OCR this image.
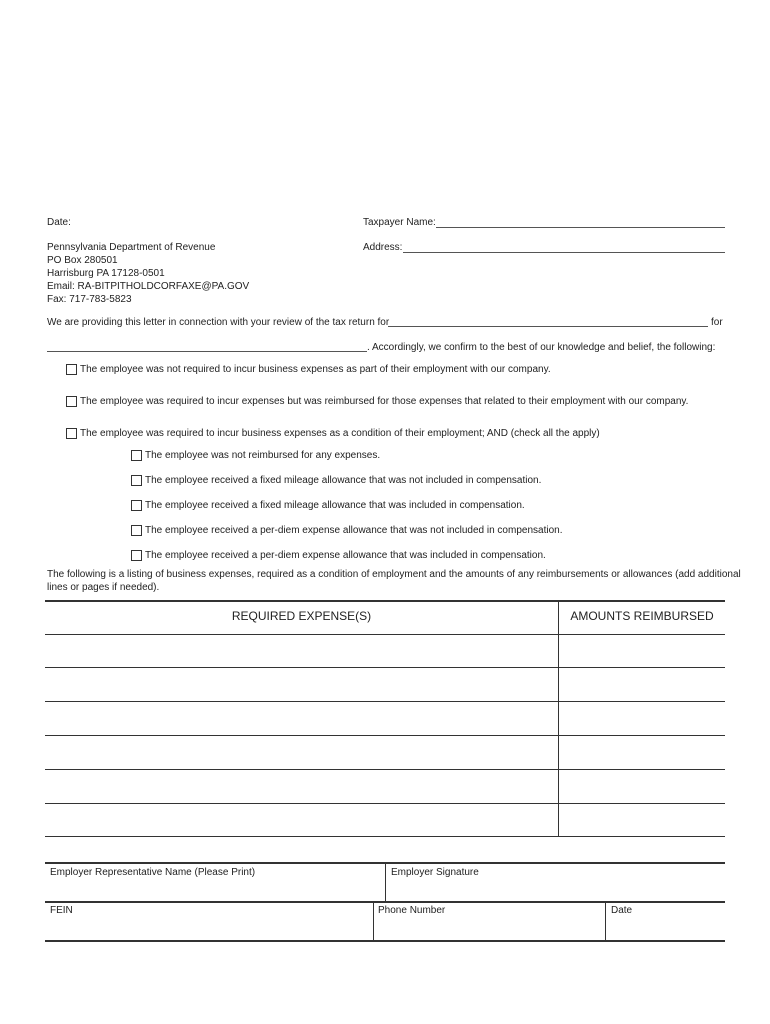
Date:	Taxpayer Name:
Address:
Pennsylvania Department of Revenue
PO Box 280501
Harrisburg PA 17128-0501
Email: RA-BITPITHOLDCORFAXE@PA.GOV
Fax: 717-783-5823
We are providing this letter in connection with your review of the tax return for	for
. Accordingly, we confirm to the best of our knowledge and belief, the following:
The employee was not required to incur business expenses as part of their employment with our company.
The employee was required to incur expenses but was reimbursed for those expenses that related to their employment with our company.
The employee was required to incur business expenses as a condition of their employment; AND (check all the apply)
The employee was not reimbursed for any expenses.
The employee received a fixed mileage allowance that was not included in compensation.
The employee received a fixed mileage allowance that was included in compensation.
The employee received a per-diem expense allowance that was not included in compensation.
The employee received a per-diem expense allowance that was included in compensation.
The following is a listing of business expenses, required as a condition of employment and the amounts of any reimbursements or allowances (add additional
lines or pages if needed).
REQUIRED EXPENSE(S)	AMOUNTS REIMBURSED
Employer Representative Name (Please Print)	Employer Signature
FEIN	Phone Number	Date
